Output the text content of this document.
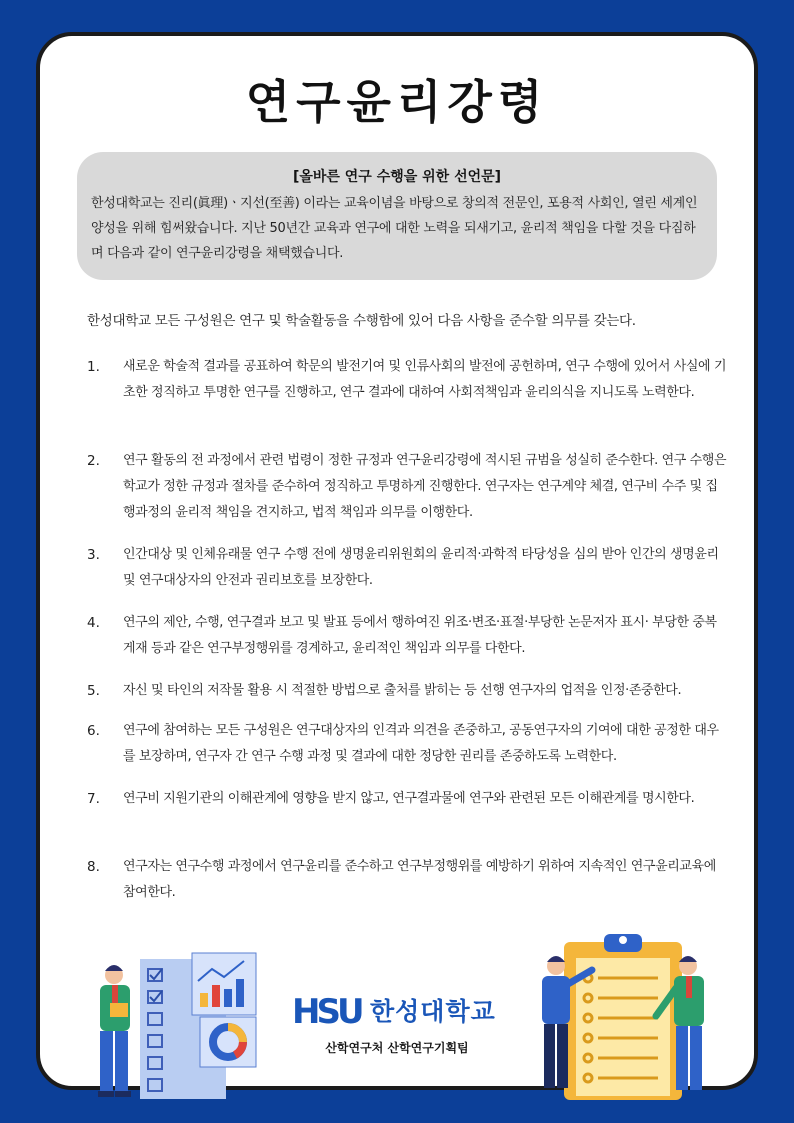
연구윤리강령
[올바른 연구 수행을 위한 선언문]
한성대학교는 진리(眞理)ㆍ지선(至善) 이라는 교육이념을 바탕으로 창의적 전문인, 포용적 사회인, 열린 세계인 양성을 위해 힘써왔습니다. 지난 50년간 교육과 연구에 대한 노력을 되새기고, 윤리적 책임을 다할 것을 다짐하며 다음과 같이 연구윤리강령을 채택했습니다.
한성대학교 모든 구성원은 연구 및 학술활동을 수행함에 있어 다음 사항을 준수할 의무를 갖는다.
1.	새로운 학술적 결과를 공표하여 학문의 발전기여 및 인류사회의 발전에 공헌하며, 연구 수행에 있어서 사실에 기초한 정직하고 투명한 연구를 진행하고, 연구 결과에 대하여 사회적책임과 윤리의식을 지니도록 노력한다.
2.	연구 활동의 전 과정에서 관련 법령이 정한 규정과 연구윤리강령에 적시된 규범을 성실히 준수한다. 연구 수행은 학교가 정한 규정과 절차를 준수하여 정직하고 투명하게 진행한다. 연구자는 연구계약 체결, 연구비 수주 및 집행과정의 윤리적 책임을 견지하고, 법적 책임과 의무를 이행한다.
3.	인간대상 및 인체유래물 연구 수행 전에 생명윤리위원회의 윤리적·과학적 타당성을 심의 받아 인간의 생명윤리 및 연구대상자의 안전과 권리보호를 보장한다.
4.	연구의 제안, 수행, 연구결과 보고 및 발표 등에서 행하여진 위조·변조·표절·부당한 논문저자 표시· 부당한 중복게재 등과 같은 연구부정행위를 경계하고, 윤리적인 책임과 의무를 다한다.
5.	자신 및 타인의 저작물 활용 시 적절한 방법으로 출처를 밝히는 등 선행 연구자의 업적을 인정·존중한다.
6.	연구에 참여하는 모든 구성원은 연구대상자의 인격과 의견을 존중하고, 공동연구자의 기여에 대한 공정한 대우를 보장하며, 연구자 간 연구 수행 과정 및 결과에 대한 정당한 권리를 존중하도록 노력한다.
7.	연구비 지원기관의 이해관계에 영향을 받지 않고, 연구결과물에 연구와 관련된 모든 이해관계를 명시한다.
8.	연구자는 연구수행 과정에서 연구윤리를 준수하고 연구부정행위를 예방하기 위하여 지속적인 연구윤리교육에 참여한다.
HSU 한성대학교
산학연구처 산학연구기획팀
